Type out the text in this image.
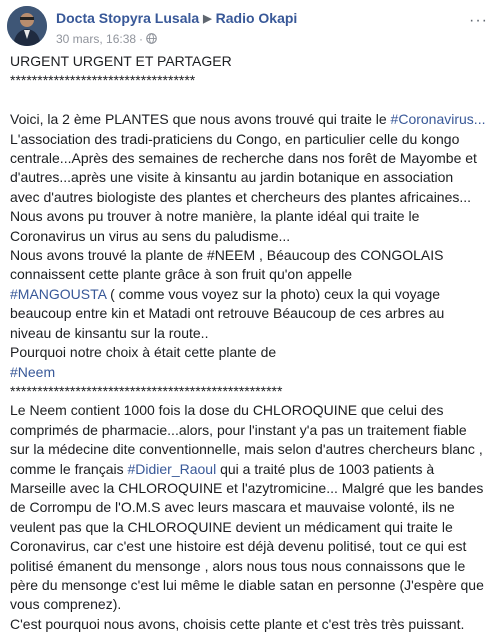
Docta Stopyra Lusala ▶ Radio Okapi
30 mars, 16:38 ·
···
URGENT URGENT ET PARTAGER
**********************************

Voici, la 2 ème PLANTES que nous avons trouvé qui traite le #Coronavirus...
L'association des tradi-praticiens du Congo, en particulier celle du kongo
centrale...Après des semaines de recherche dans nos forêt de Mayombe et
d'autres...après une visite à kinsantu au jardin botanique en association
avec d'autres biologiste des plantes et chercheurs des plantes africaines...
Nous avons pu trouver à notre manière, la plante idéal qui traite le
Coronavirus un virus au sens du paludisme...
Nous avons trouvé la plante de #NEEM , Béaucoup des CONGOLAIS
connaissent cette plante grâce à son fruit qu'on appelle
#MANGOUSTA ( comme vous voyez sur la photo) ceux la qui voyage
beaucoup entre kin et Matadi ont retrouve Béaucoup de ces arbres au
niveau de kinsantu sur la route..
Pourquoi notre choix à était cette plante de
#Neem
**************************************************
Le Neem contient 1000 fois la dose du CHLOROQUINE que celui des
comprimés de pharmacie...alors, pour l'instant y'a pas un traitement fiable
sur la médecine dite conventionnelle, mais selon d'autres chercheurs blanc ,
comme le français #Didier_Raoul qui a traité plus de 1003 patients à
Marseille avec la CHLOROQUINE et l'azytromicine... Malgré que les bandes
de Corrompu de l'O.M.S avec leurs mascara et mauvaise volonté, ils ne
veulent pas que la CHLOROQUINE devient un médicament qui traite le
Coronavirus, car c'est une histoire est déjà devenu politisé, tout ce qui est
politisé émanent du mensonge , alors nous tous nous connaissons que le
père du mensonge c'est lui même le diable satan en personne (J'espère que
vous comprenez).
C'est pourquoi nous avons, choisis cette plante et c'est très très puissant.
